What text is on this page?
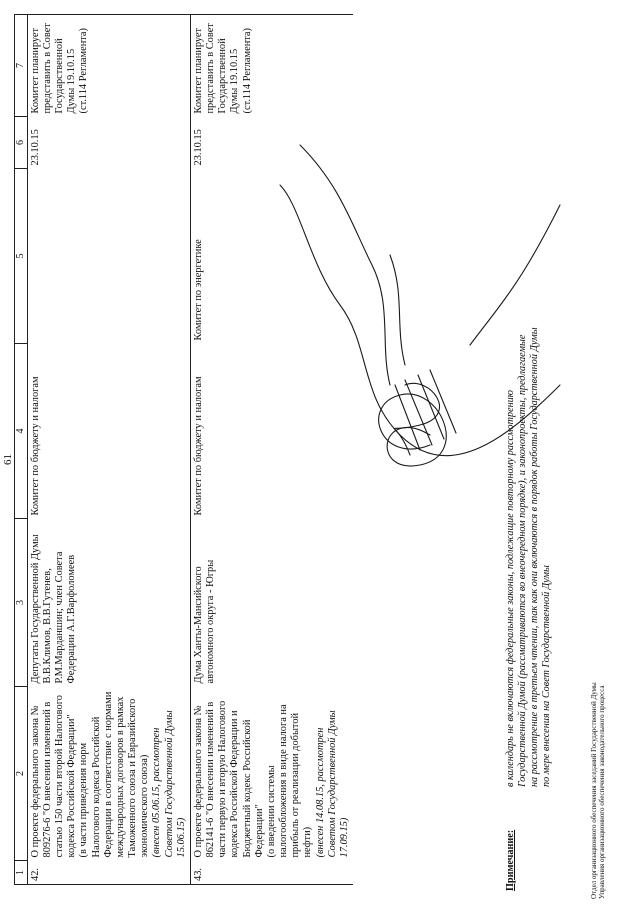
61
1	2	3	4	5	6	7
42.	О проекте федерального закона № 809276-6 "О внесении изменений в статью 150 части второй Налогового кодекса Российской Федерации" (в части приведения норм Налогового кодекса Российской Федерации в соответствие с нормами международных договоров в рамках Таможенного союза и Евразийского экономического союза) (внесен 05.06.15, рассмотрен Советом Государственной Думы 15.06.15)	Депутаты Государственной Думы В.В.Климов, В.В.Гутенев, Р.М.Марданшин; член Совета Федерации А.Г.Варфоломеев	Комитет по бюджету и налогам		23.10.15	Комитет планирует представить в Совет Государственной Думы 19.10.15 (ст.114 Регламента)
43.	О проекте федерального закона № 862141-6 "О внесении изменений в части первую и вторую Налогового кодекса Российской Федерации и Бюджетный кодекс Российской Федерации" (о введении системы налогообложения в виде налога на прибыль от реализации добытой нефти) (внесен 14.08.15, рассмотрен Советом Государственной Думы 17.09.15)	Дума Ханты-Мансийского автономного округа - Югры	Комитет по бюджету и налогам	Комитет по энергетике	23.10.15	Комитет планирует представить в Совет Государственной Думы 19.10.15 (ст.114 Регламента)
Примечание:
в календарь не включаются федеральные законы, подлежащие повторному рассмотрению Государственной Думой (рассматриваются во внеочередном порядке), и законопроекты, предлагаемые на рассмотрение в третьем чтении, так как они включаются в порядок работы Государственной Думы по мере внесения на Совет Государственной Думы
Отдел организационного обеспечения заседаний Государственной Думы Управления организационного обеспечения законодательного процесса
